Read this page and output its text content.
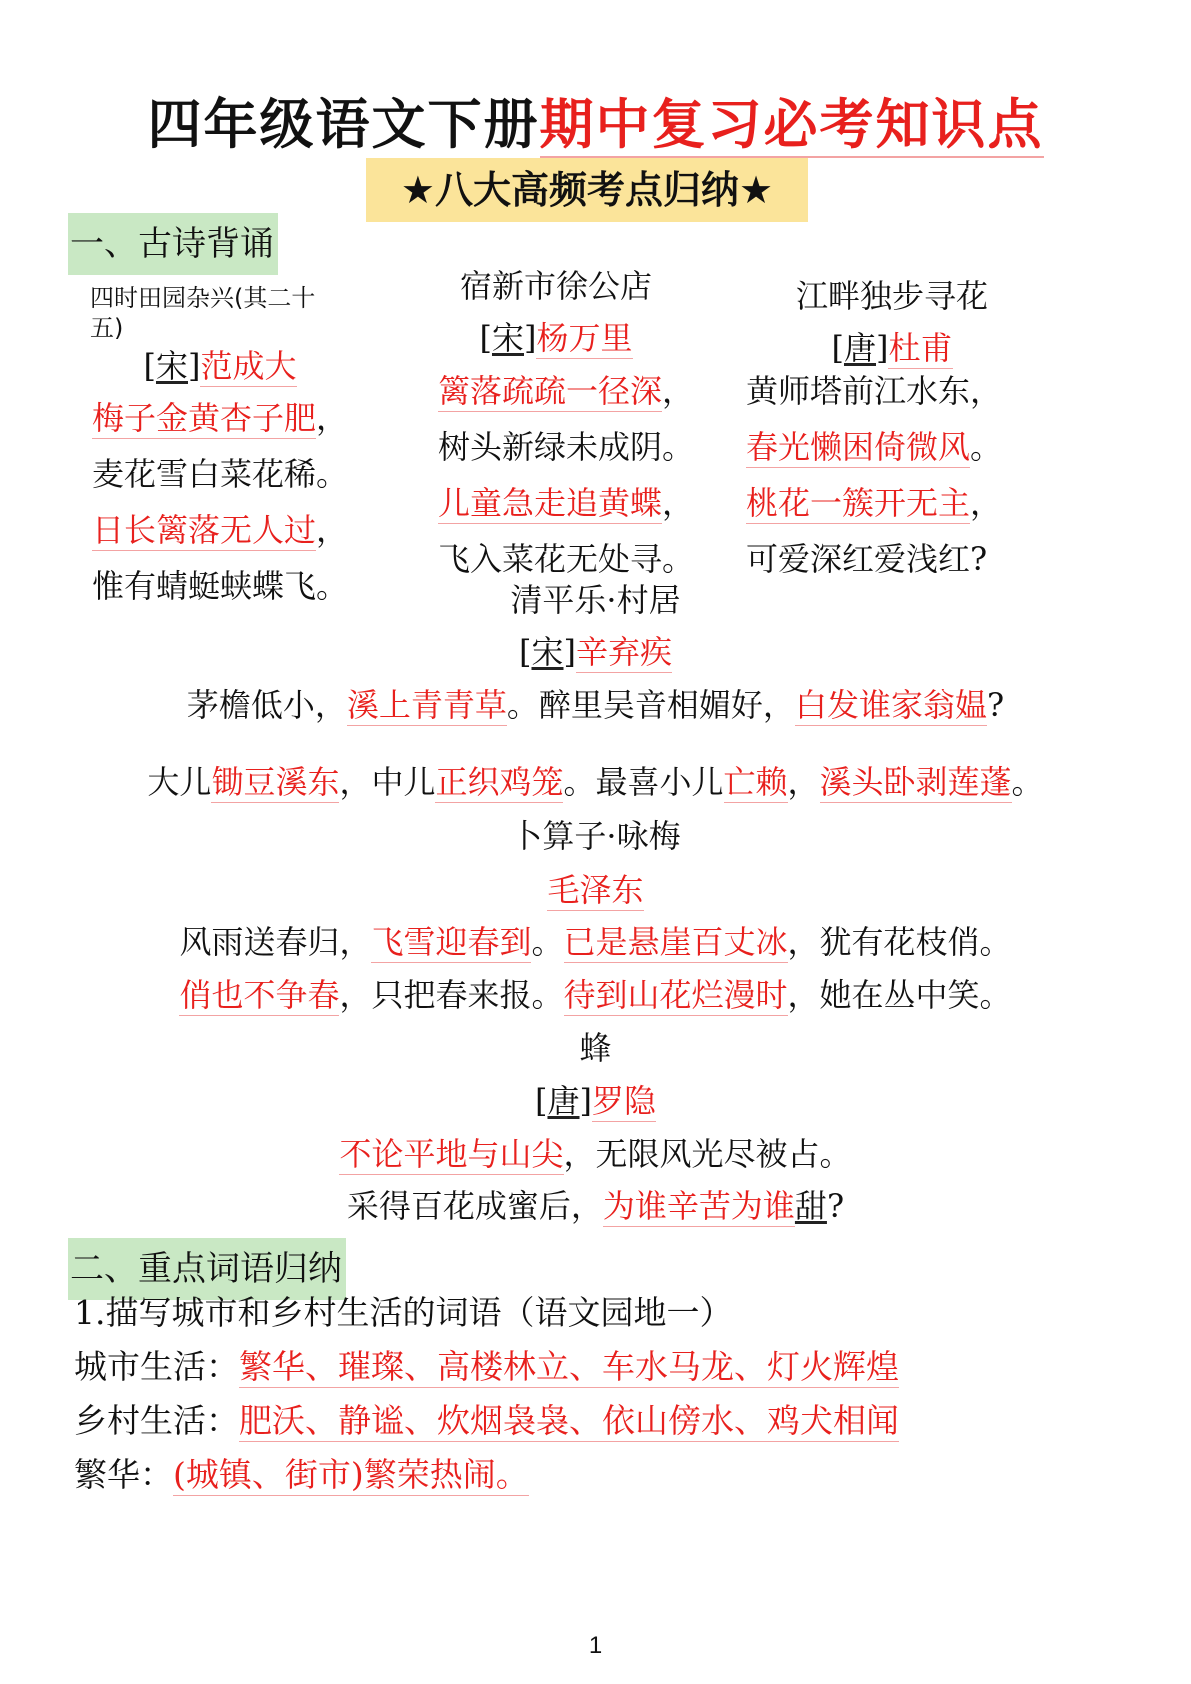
四年级语文下册期中复习必考知识点
★八大高频考点归纳★
一、古诗背诵
四时田园杂兴(其二十
五)
[宋]范成大
梅子金黄杏子肥，
麦花雪白菜花稀。
日长篱落无人过，
惟有蜻蜓蛱蝶飞。
宿新市徐公店
[宋]杨万里
篱落疏疏一径深，
树头新绿未成阴。
儿童急走追黄蝶，
飞入菜花无处寻。
江畔独步寻花
[唐]杜甫
黄师塔前江水东，
春光懒困倚微风。
桃花一簇开无主，
可爱深红爱浅红?
清平乐·村居
[宋]辛弃疾
茅檐低小，溪上青青草。醉里吴音相媚好，白发谁家翁媪?
大儿锄豆溪东，中儿正织鸡笼。最喜小儿亡赖，溪头卧剥莲蓬。
卜算子·咏梅
毛泽东
风雨送春归，飞雪迎春到。已是悬崖百丈冰，犹有花枝俏。
俏也不争春，只把春来报。待到山花烂漫时，她在丛中笑。
蜂
[唐]罗隐
不论平地与山尖，无限风光尽被占。
采得百花成蜜后，为谁辛苦为谁甜?
二、重点词语归纳
1.描写城市和乡村生活的词语（语文园地一）
城市生活：繁华、璀璨、高楼林立、车水马龙、灯火辉煌
乡村生活：肥沃、静谧、炊烟袅袅、依山傍水、鸡犬相闻
繁华：(城镇、街市)繁荣热闹。
1
